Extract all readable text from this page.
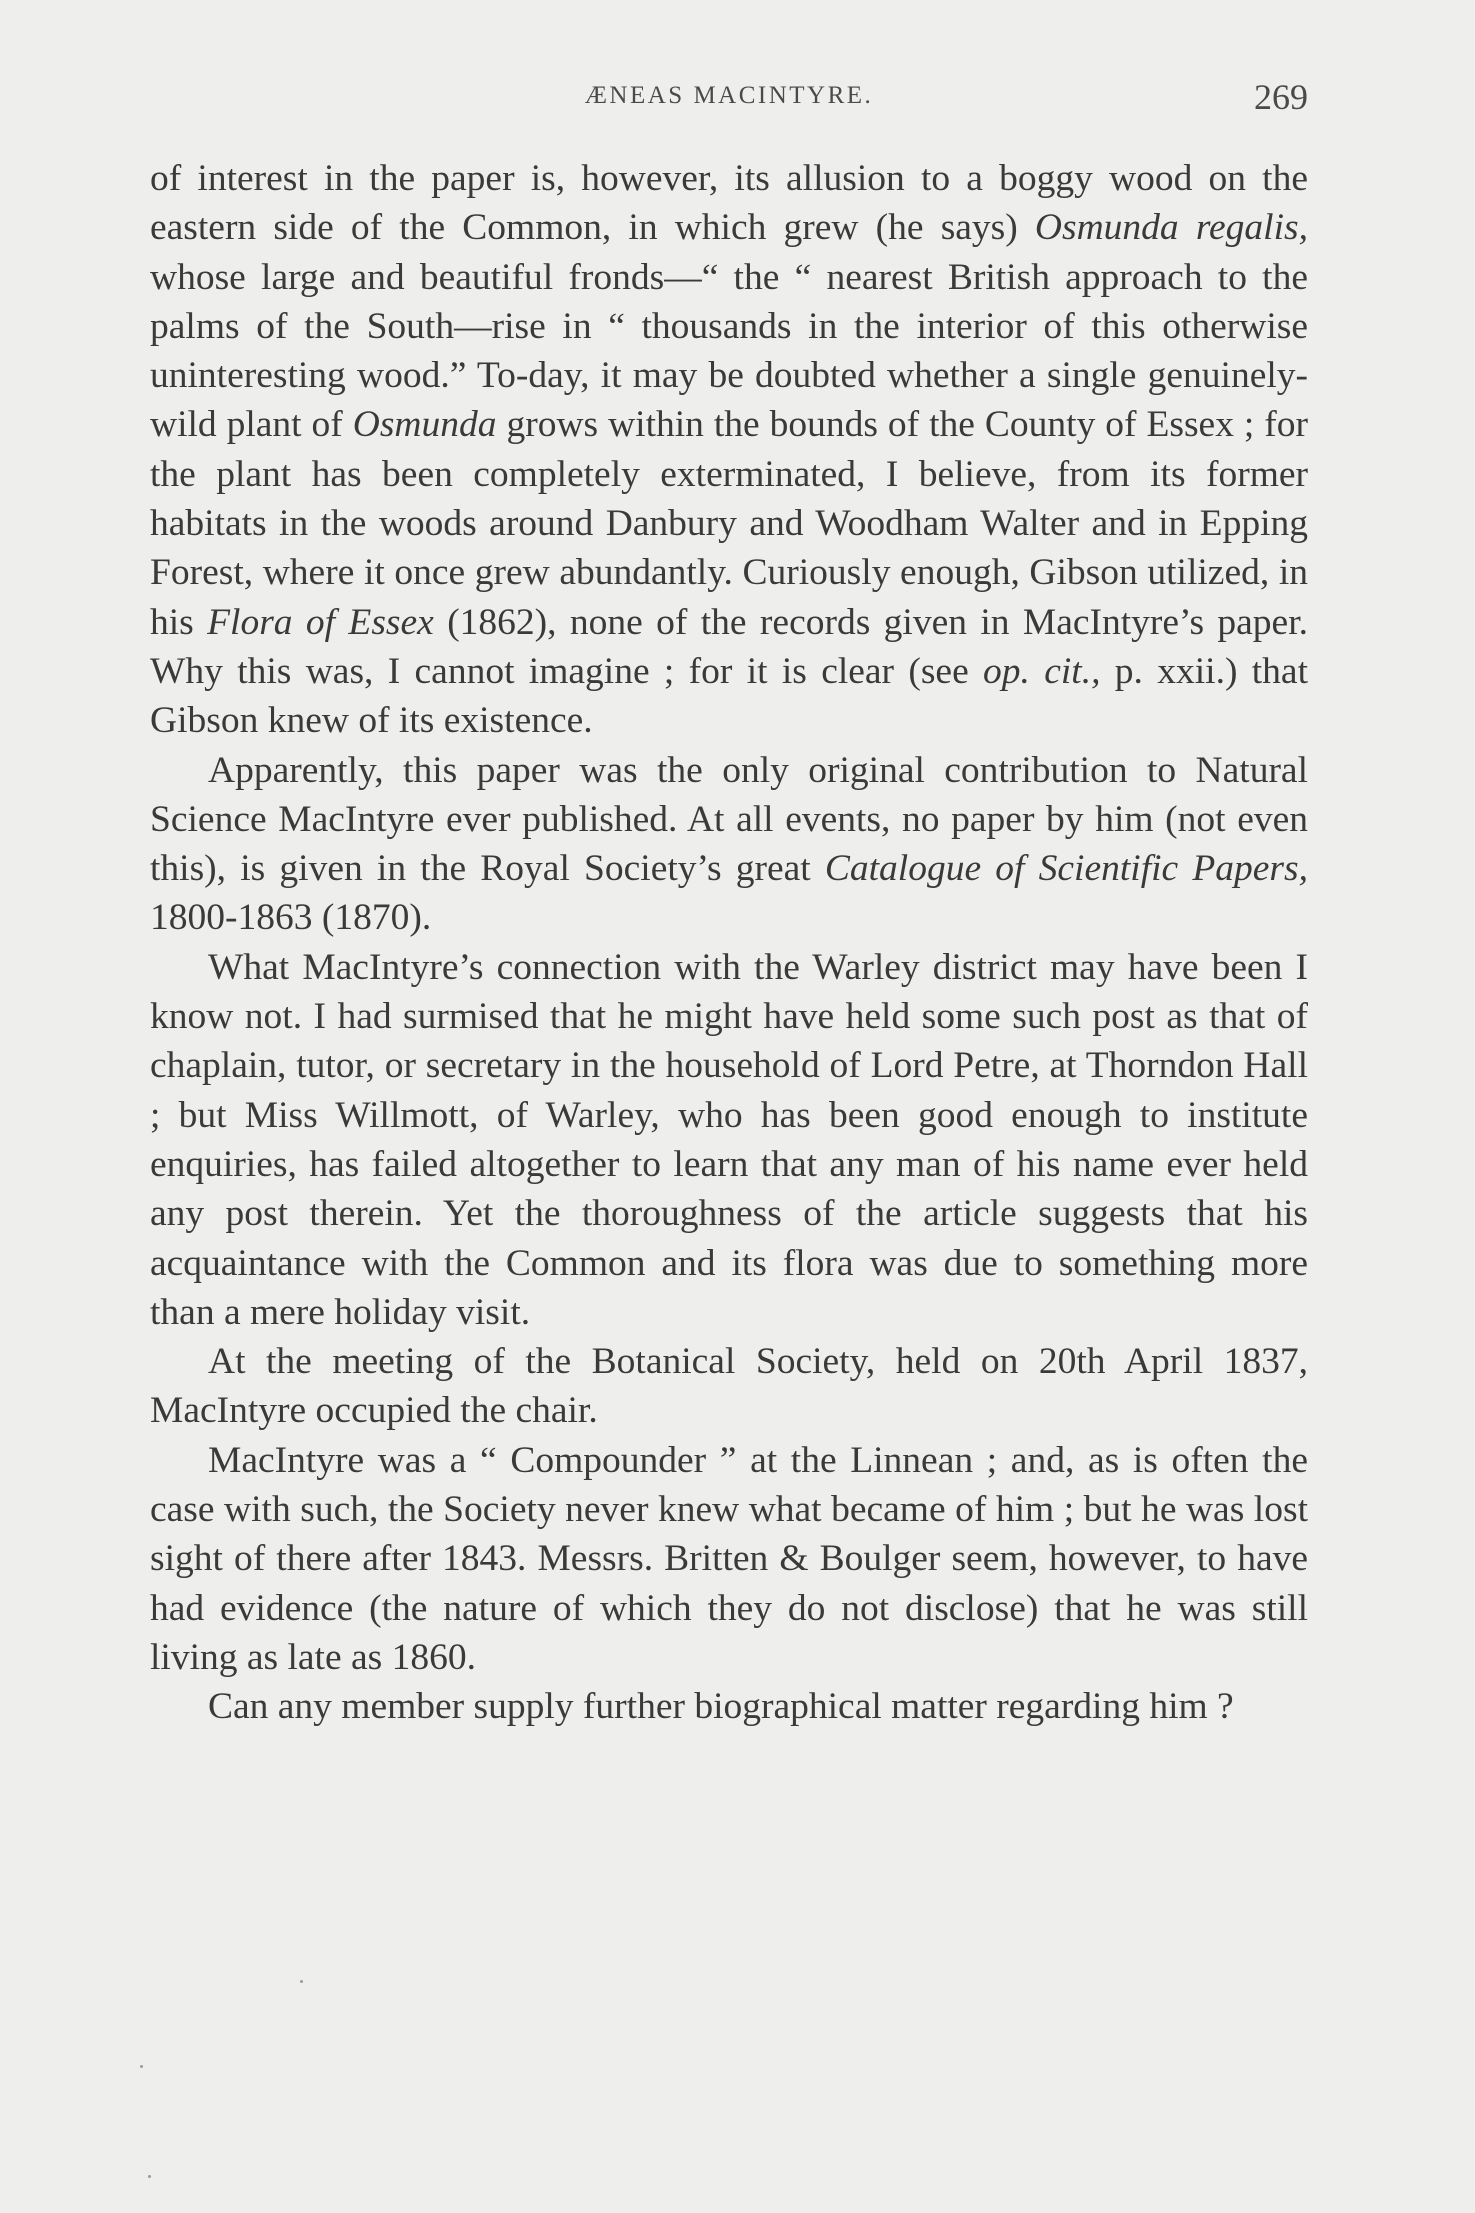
ÆNEAS MACINTYRE.	269

of interest in the paper is, however, its allusion to a boggy wood on the eastern side of the Common, in which grew (he says) Osmunda regalis, whose large and beautiful fronds—“ the “ nearest British approach to the palms of the South—rise in “ thousands in the interior of this otherwise uninteresting wood.” To-day, it may be doubted whether a single genuinely-wild plant of Osmunda grows within the bounds of the County of Essex ; for the plant has been completely exterminated, I believe, from its former habitats in the woods around Danbury and Woodham Walter and in Epping Forest, where it once grew abundantly. Curiously enough, Gibson utilized, in his Flora of Essex (1862), none of the records given in MacIntyre’s paper. Why this was, I cannot imagine ; for it is clear (see op. cit., p. xxii.) that Gibson knew of its existence.

Apparently, this paper was the only original contribution to Natural Science MacIntyre ever published. At all events, no paper by him (not even this), is given in the Royal Society’s great Catalogue of Scientific Papers, 1800-1863 (1870).

What MacIntyre’s connection with the Warley district may have been I know not. I had surmised that he might have held some such post as that of chaplain, tutor, or secretary in the household of Lord Petre, at Thorndon Hall ; but Miss Willmott, of Warley, who has been good enough to institute enquiries, has failed altogether to learn that any man of his name ever held any post therein. Yet the thoroughness of the article suggests that his acquaintance with the Common and its flora was due to something more than a mere holiday visit.

At the meeting of the Botanical Society, held on 20th April 1837, MacIntyre occupied the chair.

MacIntyre was a “ Compounder ” at the Linnean ; and, as is often the case with such, the Society never knew what became of him ; but he was lost sight of there after 1843. Messrs. Britten & Boulger seem, however, to have had evidence (the nature of which they do not disclose) that he was still living as late as 1860.

Can any member supply further biographical matter regarding him ?
